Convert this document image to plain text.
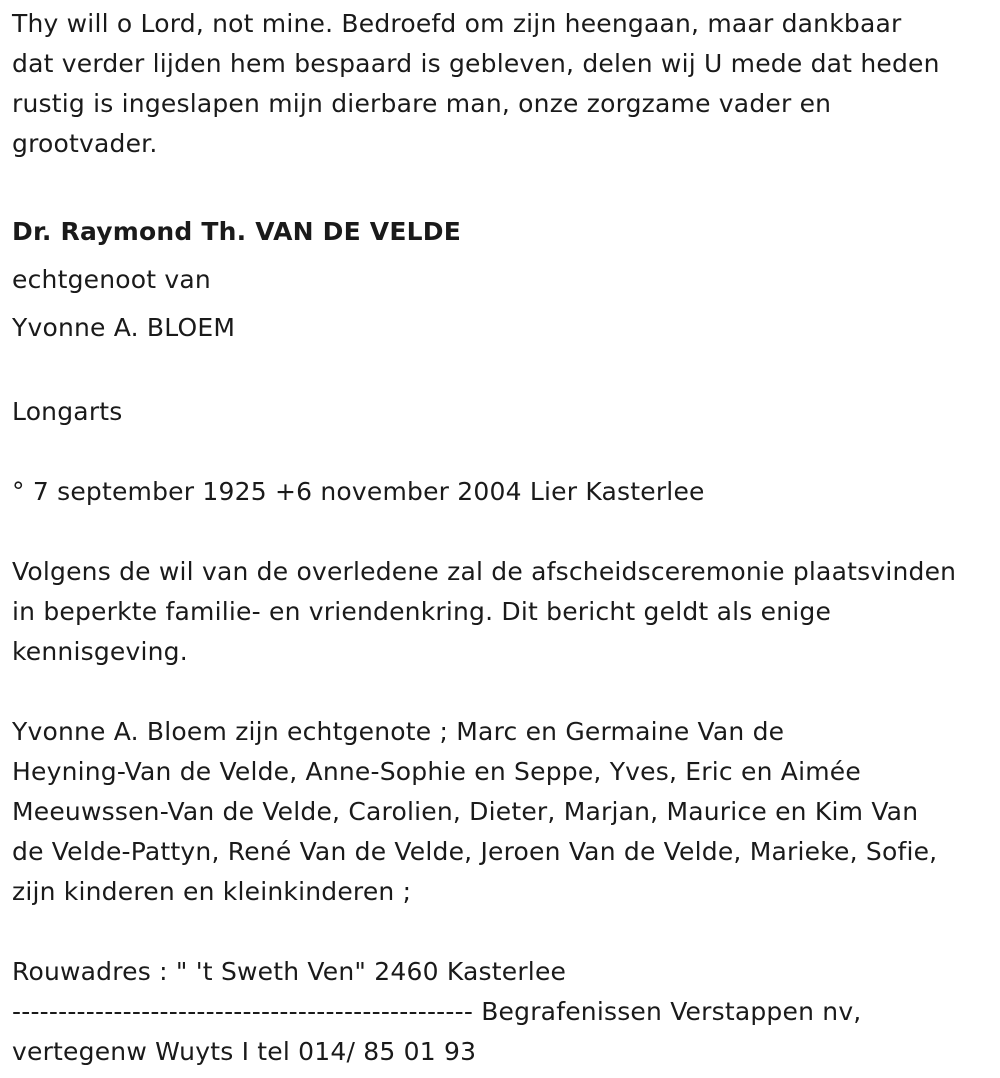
Thy will o Lord, not mine. Bedroefd om zijn heengaan, maar dankbaar
dat verder lijden hem bespaard is gebleven, delen wij U mede dat heden
rustig is ingeslapen mijn dierbare man, onze zorgzame vader en
grootvader.

Dr. Raymond Th. VAN DE VELDE

echtgenoot van

Yvonne A. BLOEM

Longarts

° 7 september 1925 +6 november 2004 Lier Kasterlee

Volgens de wil van de overledene zal de afscheidsceremonie plaatsvinden
in beperkte familie- en vriendenkring. Dit bericht geldt als enige
kennisgeving.

Yvonne A. Bloem zijn echtgenote ; Marc en Germaine Van de
Heyning-Van de Velde, Anne-Sophie en Seppe, Yves, Eric en Aimée
Meeuwssen-Van de Velde, Carolien, Dieter, Marjan, Maurice en Kim Van
de Velde-Pattyn, René Van de Velde, Jeroen Van de Velde, Marieke, Sofie,
zijn kinderen en kleinkinderen ;

Rouwadres : " 't Sweth Ven" 2460 Kasterlee

-------------------------------------------------- Begrafenissen Verstappen nv,
vertegenw Wuyts I tel 014/ 85 01 93
